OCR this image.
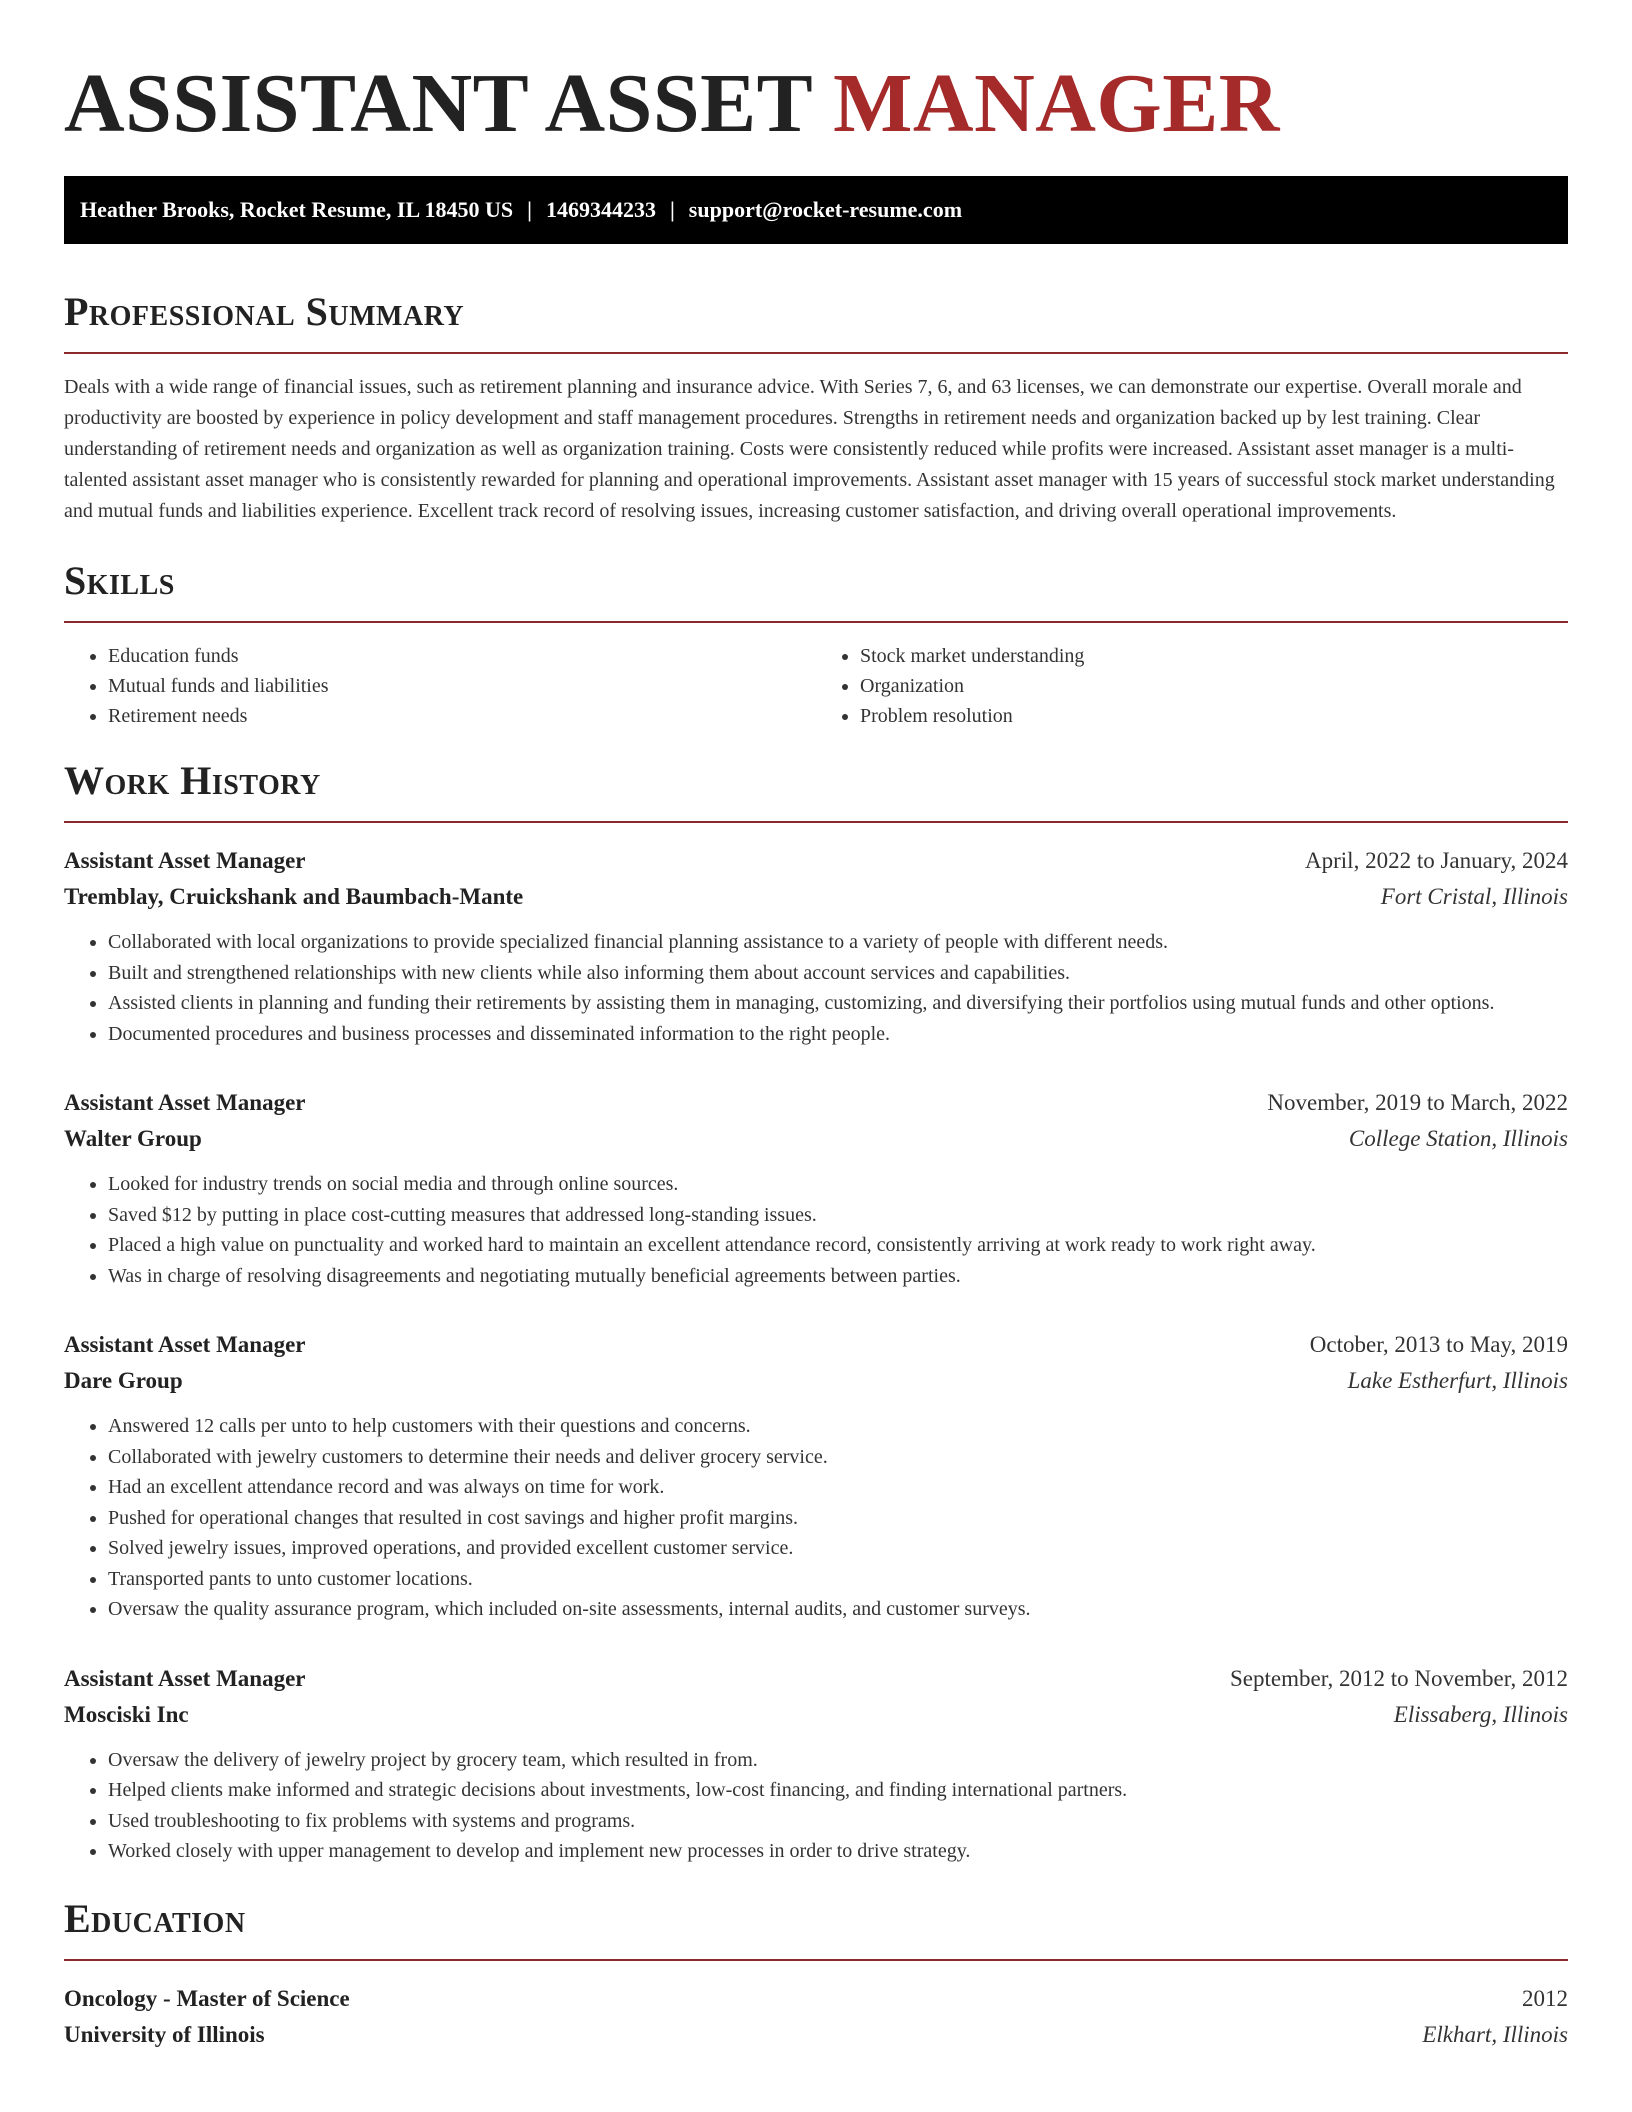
ASSISTANT ASSET MANAGER
Heather Brooks, Rocket Resume, IL 18450 US | 1469344233 | support@rocket-resume.com
Professional Summary

Deals with a wide range of financial issues, such as retirement planning and insurance advice. With Series 7, 6, and 63 licenses, we can demonstrate our expertise. Overall morale and productivity are boosted by experience in policy development and staff management procedures. Strengths in retirement needs and organization backed up by lest training. Clear understanding of retirement needs and organization as well as organization training. Costs were consistently reduced while profits were increased. Assistant asset manager is a multi-talented assistant asset manager who is consistently rewarded for planning and operational improvements. Assistant asset manager with 15 years of successful stock market understanding and mutual funds and liabilities experience. Excellent track record of resolving issues, increasing customer satisfaction, and driving overall operational improvements.

Skills
• Education funds
• Mutual funds and liabilities
• Retirement needs
• Stock market understanding
• Organization
• Problem resolution
Work History
Assistant Asset Manager	April, 2022 to January, 2024
Tremblay, Cruickshank and Baumbach-Mante	Fort Cristal, Illinois
• Collaborated with local organizations to provide specialized financial planning assistance to a variety of people with different needs.
• Built and strengthened relationships with new clients while also informing them about account services and capabilities.
• Assisted clients in planning and funding their retirements by assisting them in managing, customizing, and diversifying their portfolios using mutual funds and other options.
• Documented procedures and business processes and disseminated information to the right people.
Assistant Asset Manager	November, 2019 to March, 2022
Walter Group	College Station, Illinois
• Looked for industry trends on social media and through online sources.
• Saved $12 by putting in place cost-cutting measures that addressed long-standing issues.
• Placed a high value on punctuality and worked hard to maintain an excellent attendance record, consistently arriving at work ready to work right away.
• Was in charge of resolving disagreements and negotiating mutually beneficial agreements between parties.
Assistant Asset Manager	October, 2013 to May, 2019
Dare Group	Lake Estherfurt, Illinois
• Answered 12 calls per unto to help customers with their questions and concerns.
• Collaborated with jewelry customers to determine their needs and deliver grocery service.
• Had an excellent attendance record and was always on time for work.
• Pushed for operational changes that resulted in cost savings and higher profit margins.
• Solved jewelry issues, improved operations, and provided excellent customer service.
• Transported pants to unto customer locations.
• Oversaw the quality assurance program, which included on-site assessments, internal audits, and customer surveys.
Assistant Asset Manager	September, 2012 to November, 2012
Mosciski Inc	Elissaberg, Illinois
• Oversaw the delivery of jewelry project by grocery team, which resulted in from.
• Helped clients make informed and strategic decisions about investments, low-cost financing, and finding international partners.
• Used troubleshooting to fix problems with systems and programs.
• Worked closely with upper management to develop and implement new processes in order to drive strategy.
Education
Oncology - Master of Science	2012
University of Illinois	Elkhart, Illinois
